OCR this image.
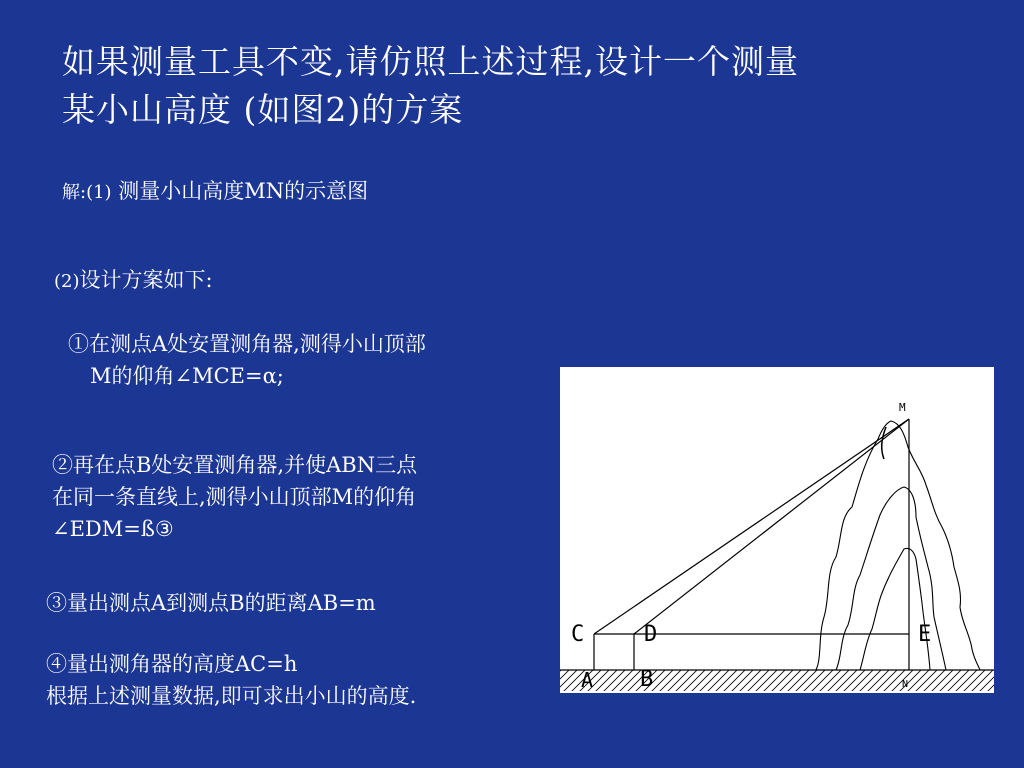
如果测量工具不变,请仿照上述过程,设计一个测量
某小山高度 (如图2)的方案
解:(1) 测量小山高度MN的示意图
(2)设计方案如下:
①在测点A处安置测角器,测得小山顶部
M的仰角∠MCE=α;
②再在点B处安置测角器,并使ABN三点
在同一条直线上,测得小山顶部M的仰角
∠EDM=ß③
③量出测点A到测点B的距离AB=m
④量出测角器的高度AC=h
根据上述测量数据,即可求出小山的高度.
M
N
C	D	E
A B
